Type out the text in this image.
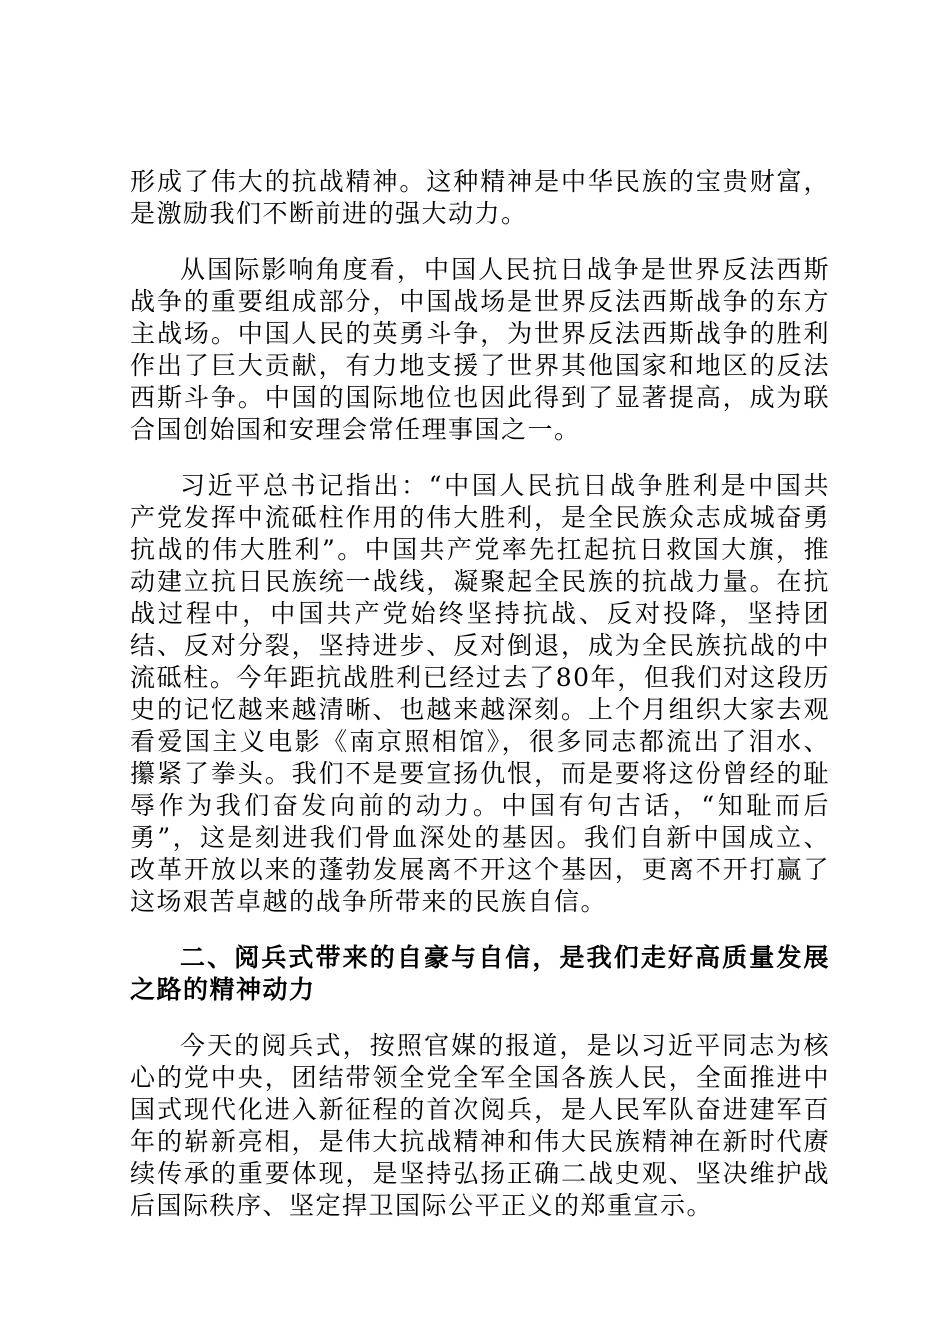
形成了伟大的抗战精神。这种精神是中华民族的宝贵财富，是激励我们不断前进的强大动力。

从国际影响角度看，中国人民抗日战争是世界反法西斯战争的重要组成部分，中国战场是世界反法西斯战争的东方主战场。中国人民的英勇斗争，为世界反法西斯战争的胜利作出了巨大贡献，有力地支援了世界其他国家和地区的反法西斯斗争。中国的国际地位也因此得到了显著提高，成为联合国创始国和安理会常任理事国之一。

习近平总书记指出：“中国人民抗日战争胜利是中国共产党发挥中流砥柱作用的伟大胜利，是全民族众志成城奋勇抗战的伟大胜利”。中国共产党率先扛起抗日救国大旗，推动建立抗日民族统一战线，凝聚起全民族的抗战力量。在抗战过程中，中国共产党始终坚持抗战、反对投降，坚持团结、反对分裂，坚持进步、反对倒退，成为全民族抗战的中流砥柱。今年距抗战胜利已经过去了80年，但我们对这段历史的记忆越来越清晰、也越来越深刻。上个月组织大家去观看爱国主义电影《南京照相馆》，很多同志都流出了泪水、攥紧了拳头。我们不是要宣扬仇恨，而是要将这份曾经的耻辱作为我们奋发向前的动力。中国有句古话，“知耻而后勇”，这是刻进我们骨血深处的基因。我们自新中国成立、改革开放以来的蓬勃发展离不开这个基因，更离不开打赢了这场艰苦卓越的战争所带来的民族自信。

二、阅兵式带来的自豪与自信，是我们走好高质量发展之路的精神动力

今天的阅兵式，按照官媒的报道，是以习近平同志为核心的党中央，团结带领全党全军全国各族人民，全面推进中国式现代化进入新征程的首次阅兵，是人民军队奋进建军百年的崭新亮相，是伟大抗战精神和伟大民族精神在新时代赓续传承的重要体现，是坚持弘扬正确二战史观、坚决维护战后国际秩序、坚定捍卫国际公平正义的郑重宣示。
